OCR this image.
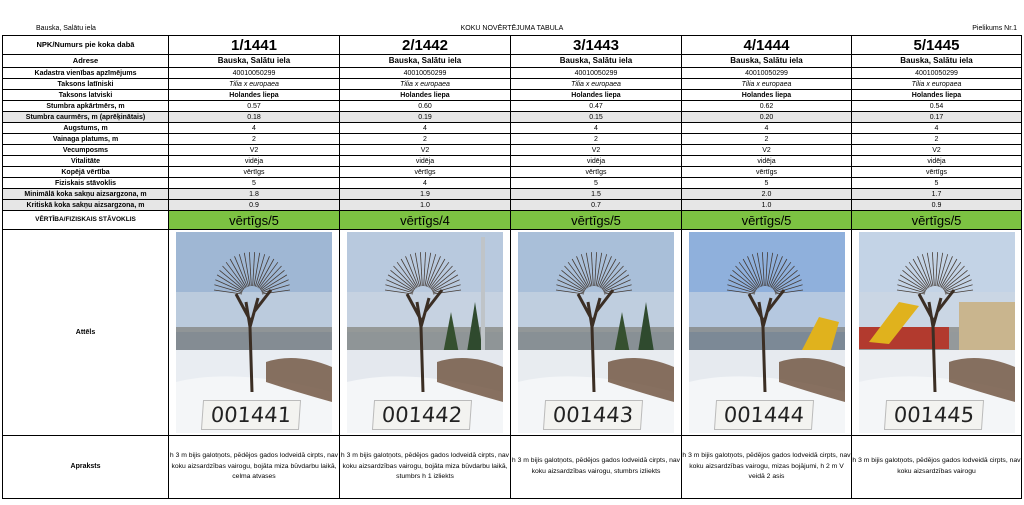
Bauska, Salātu iela	KOKU NOVĒRTĒJUMA TABULA	Pielikums Nr.1
NPK/Numurs pie koka dabā	1/1441	2/1442	3/1443	4/1444	5/1445
Adrese	Bauska, Salātu iela	Bauska, Salātu iela	Bauska, Salātu iela	Bauska, Salātu iela	Bauska, Salātu iela
Kadastra vienības apzīmējums	40010050299	40010050299	40010050299	40010050299	40010050299
Taksons latīniski	Tilia x europaea	Tilia x europaea	Tilia x europaea	Tilia x europaea	Tilia x europaea
Taksons latviski	Holandes liepa	Holandes liepa	Holandes liepa	Holandes liepa	Holandes liepa
Stumbra apkārtmērs, m	0.57	0.60	0.47	0.62	0.54
Stumbra caurmērs, m (aprēķinātais)	0.18	0.19	0.15	0.20	0.17
Augstums, m	4	4	4	4	4
Vainaga platums, m	2	2	2	2	2
Vecumposms	V2	V2	V2	V2	V2
Vitalitāte	vidēja	vidēja	vidēja	vidēja	vidēja
Kopējā vērtība	vērtīgs	vērtīgs	vērtīgs	vērtīgs	vērtīgs
Fiziskais stāvoklis	5	4	5	5	5
Minimālā koka sakņu aizsargzona, m	1.8	1.9	1.5	2.0	1.7
Kritiskā koka sakņu aizsargzona, m	0.9	1.0	0.7	1.0	0.9
VĒRTĪBA/FIZISKAIS STĀVOKLIS	vērtīgs/5	vērtīgs/4	vērtīgs/5	vērtīgs/5	vērtīgs/5
Attēls	001441	001442	001443	001444	001445

Apraksts	h 3 m bijis galotņots, pēdējos gados lodveidā cirpts, nav koku aizsardzības vairogu, bojāta miza būvdarbu laikā, celma atvases	h 3 m bijis galotņots, pēdējos gados lodveidā cirpts, nav koku aizsardzības vairogu, bojāta miza būvdarbu laikā, stumbrs h 1 izliekts	h 3 m bijis galotņots, pēdējos gados lodveidā cirpts, nav koku aizsardzības vairogu, stumbrs izliekts	h 3 m bijis galotņots, pēdējos gados lodveidā cirpts, nav koku aizsardzības vairogu, mizas bojājumi, h 2 m V veidā 2 asis	h 3 m bijis galotņots, pēdējos gados lodveidā cirpts, nav koku aizsardzības vairogu
